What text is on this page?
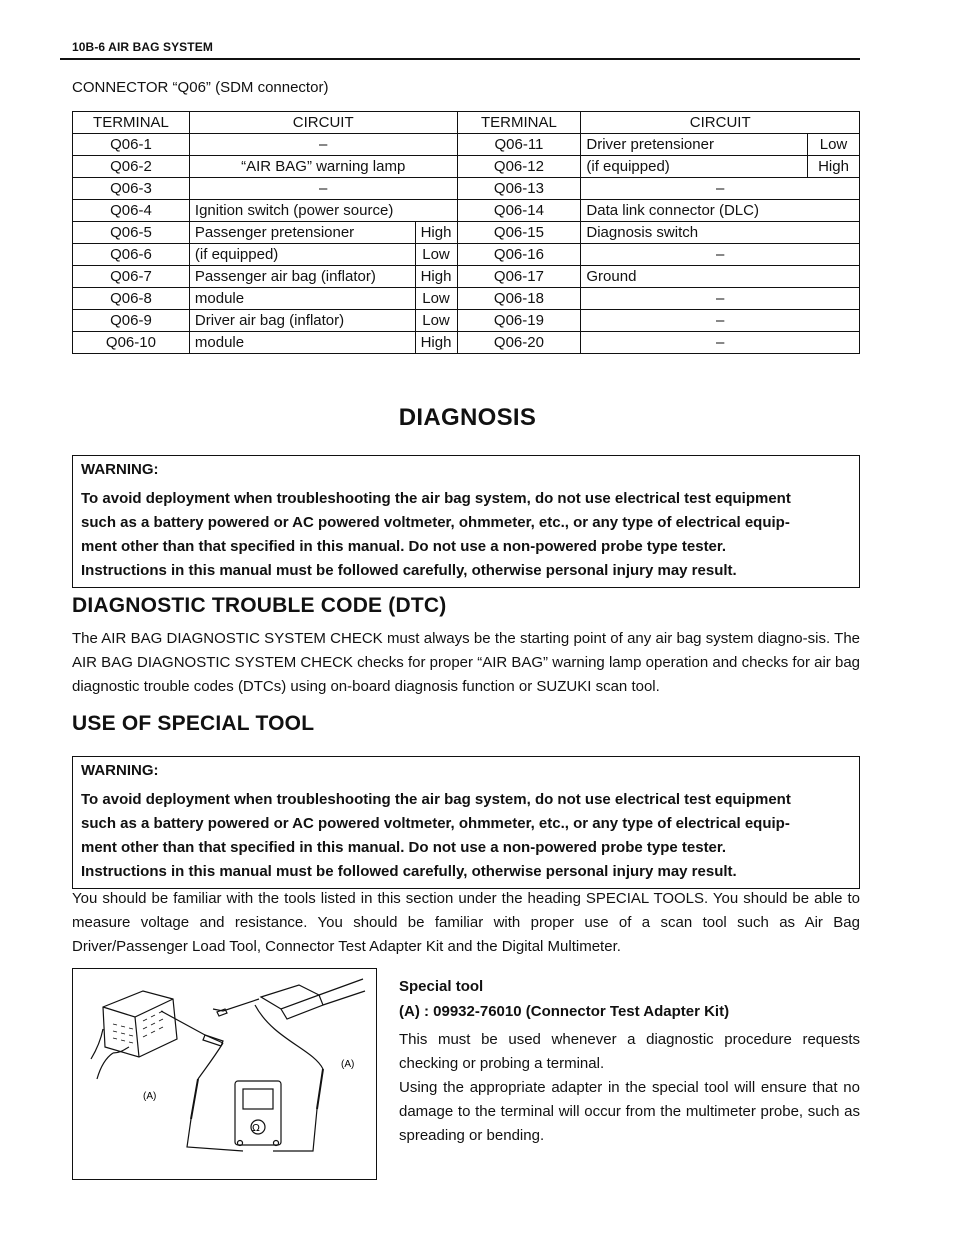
10B-6 AIR BAG SYSTEM
CONNECTOR “Q06” (SDM connector)
TERMINAL	CIRCUIT		TERMINAL	CIRCUIT	
Q06-1	–		Q06-11	Driver pretensioner	Low
Q06-2	“AIR BAG” warning lamp		Q06-12	(if equipped)	High
Q06-3	–		Q06-13	–	
Q06-4	Ignition switch (power source)		Q06-14	Data link connector (DLC)	
Q06-5	Passenger pretensioner	High	Q06-15	Diagnosis switch	
Q06-6	(if equipped)	Low	Q06-16	–	
Q06-7	Passenger air bag (inflator)	High	Q06-17	Ground	
Q06-8	module	Low	Q06-18	–	
Q06-9	Driver air bag (inflator)	Low	Q06-19	–	
Q06-10	module	High	Q06-20	–	
DIAGNOSIS
WARNING:
To avoid deployment when troubleshooting the air bag system, do not use electrical test equipment
such as a battery powered or AC powered voltmeter, ohmmeter, etc., or any type of electrical equip-
ment other than that specified in this manual. Do not use a non-powered probe type tester.
Instructions in this manual must be followed carefully, otherwise personal injury may result.
DIAGNOSTIC TROUBLE CODE (DTC)
The AIR BAG DIAGNOSTIC SYSTEM CHECK must always be the starting point of any air bag system diagno-sis. The AIR BAG DIAGNOSTIC SYSTEM CHECK checks for proper “AIR BAG” warning lamp operation and checks for air bag diagnostic trouble codes (DTCs) using on-board diagnosis function or SUZUKI scan tool.
USE OF SPECIAL TOOL
WARNING:
To avoid deployment when troubleshooting the air bag system, do not use electrical test equipment
such as a battery powered or AC powered voltmeter, ohmmeter, etc., or any type of electrical equip-
ment other than that specified in this manual. Do not use a non-powered probe type tester.
Instructions in this manual must be followed carefully, otherwise personal injury may result.
You should be familiar with the tools listed in this section under the heading SPECIAL TOOLS. You should be able to measure voltage and resistance. You should be familiar with proper use of a scan tool such as Air Bag Driver/Passenger Load Tool, Connector Test Adapter Kit and the Digital Multimeter.
Ω
(A)
(A)
Special tool
(A) : 09932-76010 (Connector Test Adapter Kit)
This must be used whenever a diagnostic procedure requests checking or probing a terminal.
Using the appropriate adapter in the special tool will ensure that no damage to the terminal will occur from the multimeter probe, such as spreading or bending.
